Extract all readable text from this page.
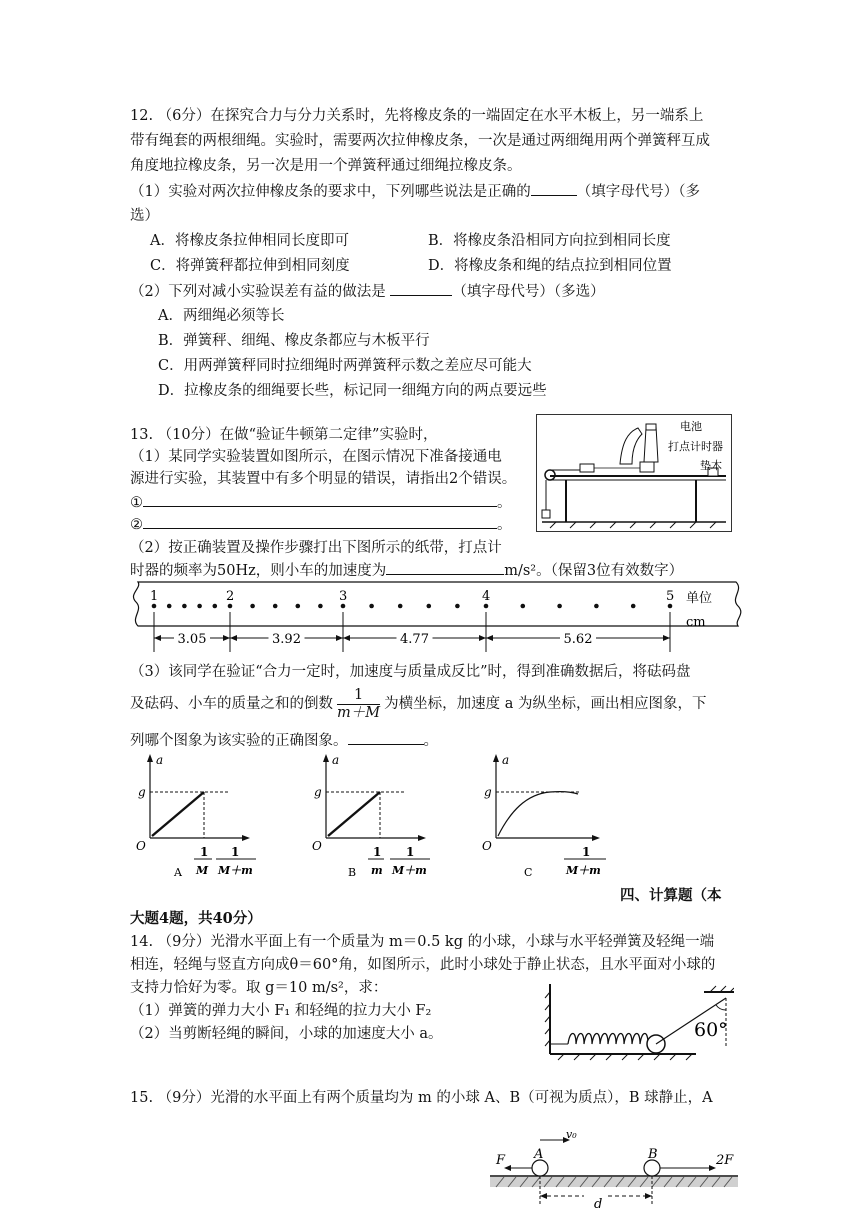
12. （6分）在探究合力与分力关系时，先将橡皮条的一端固定在水平木板上，另一端系上
带有绳套的两根细绳。实验时，需要两次拉伸橡皮条，一次是通过两细绳用两个弹簧秤互成
角度地拉橡皮条，另一次是用一个弹簧秤通过细绳拉橡皮条。
（1）实验对两次拉伸橡皮条的要求中，下列哪些说法是正确的	（填字母代号）（多
选）
A．将橡皮条拉伸相同长度即可	B．将橡皮条沿相同方向拉到相同长度
C．将弹簧秤都拉伸到相同刻度	D．将橡皮条和绳的结点拉到相同位置
（2）下列对减小实验误差有益的做法是	（填字母代号）（多选）
A．两细绳必须等长
B．弹簧秤、细绳、橡皮条都应与木板平行
C．用两弹簧秤同时拉细绳时两弹簧秤示数之差应尽可能大
D．拉橡皮条的细绳要长些，标记同一细绳方向的两点要远些
13. （10分）在做“验证牛顿第二定律”实验时，
（1）某同学实验装置如图所示，在图示情况下准备接通电
源进行实验，其装置中有多个明显的错误，请指出2个错误。
①	。
②	。
（2）按正确装置及操作步骤打出下图所示的纸带，打点计
时器的频率为50Hz，则小车的加速度为	m/s²。（保留3位有效数字）
电池
打点计时器
垫木
1	2	3	4	5
3.05	3.92	4.77	5.62
单位
cm
（3）该同学在验证“合力一定时，加速度与质量成反比”时，得到准确数据后，将砝码盘
及砝码、小车的质量之和的倒数 $\frac{1}{m+M}$ 为横坐标，加速度 a 为纵坐标，画出相应图象，下
列哪个图象为该实验的正确图象。	。
a
g
O	1
M
1
M＋m
A
a
g
O	1
m
1
M＋m
B
a
g
O	1
M＋m
C
四、计算题（本
大题4题，共40分）
14. （9分）光滑水平面上有一个质量为 m＝0.5 kg 的小球，小球与水平轻弹簧及轻绳一端
相连，轻绳与竖直方向成θ＝60°角，如图所示，此时小球处于静止状态，且水平面对小球的
支持力恰好为零。取 g＝10 m/s²，求：
（1）弹簧的弹力大小 F₁ 和轻绳的拉力大小 F₂
（2）当剪断轻绳的瞬间，小球的加速度大小 a。	60°
15. （9分）光滑的水平面上有两个质量均为 m 的小球 A、B（可视为质点），B 球静止，A
v₀
F A	B	2F
d
